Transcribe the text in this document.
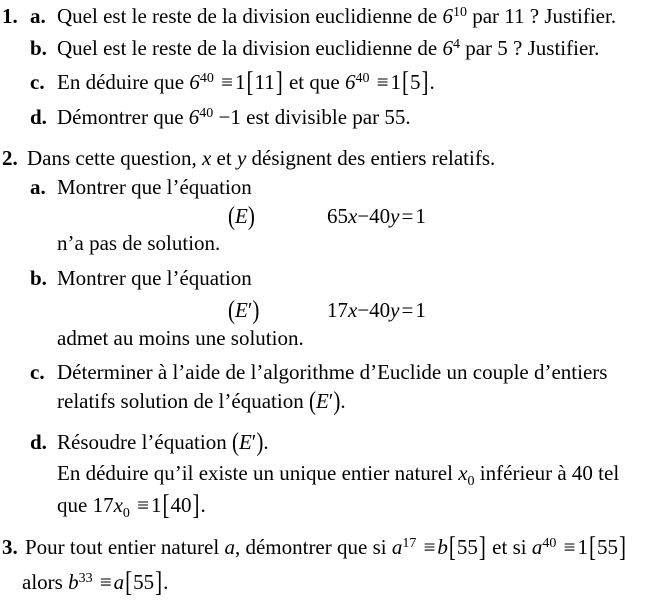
1. a. Quel est le reste de la division euclidienne de $6^{10}$ par 11 ? Justifier.
b. Quel est le reste de la division euclidienne de $6^4$ par 5 ? Justifier.
c. En déduire que $6^{40} \equiv 1[11]$ et que $6^{40} \equiv 1[5]$.
d. Démontrer que $6^{40} -1$ est divisible par 55.
2. Dans cette question, x et y désignent des entiers relatifs.
a. Montrer que l’équation
(E)	65x−40y=1
n’a pas de solution.
b. Montrer que l’équation
(E′)	17x−40y=1
admet au moins une solution.
c. Déterminer à l’aide de l’algorithme d’Euclide un couple d’entiers
relatifs solution de l’équation (E′).
d. Résoudre l’équation (E′).
En déduire qu’il existe un unique entier naturel $x_0$ inférieur à 40 tel
que $17x_0 \equiv 1[40]$.
3. Pour tout entier naturel a, démontrer que si $a^{17} \equiv b[55]$ et si $a^{40} \equiv 1[55]$
alors $b^{33} \equiv a[55]$.
